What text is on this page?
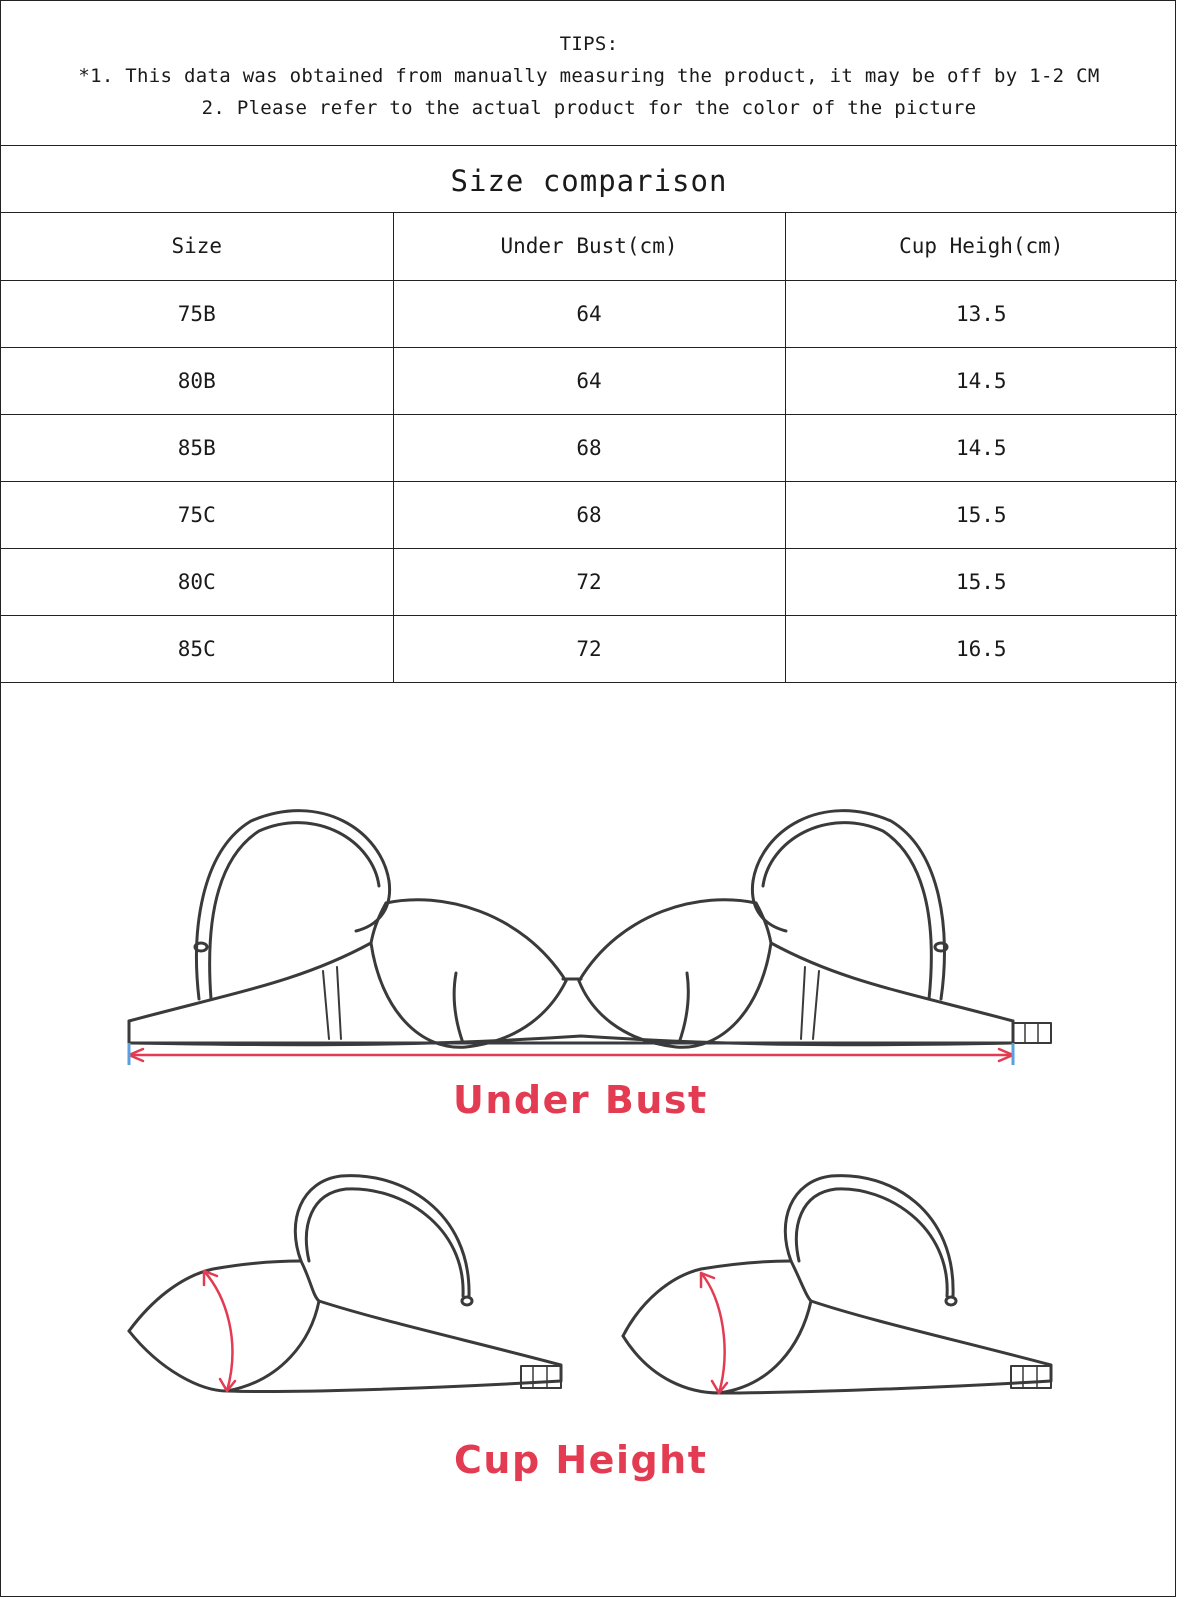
TIPS:
*1. This data was obtained from manually measuring the product, it may be off by 1-2 CM
2. Please refer to the actual product for the color of the picture
Size comparison
Size	Under Bust(cm)	Cup Heigh(cm)
75B	64	13.5
80B	64	14.5
85B	68	14.5
75C	68	15.5
80C	72	15.5
85C	72	16.5
Under Bust
Cup Height
